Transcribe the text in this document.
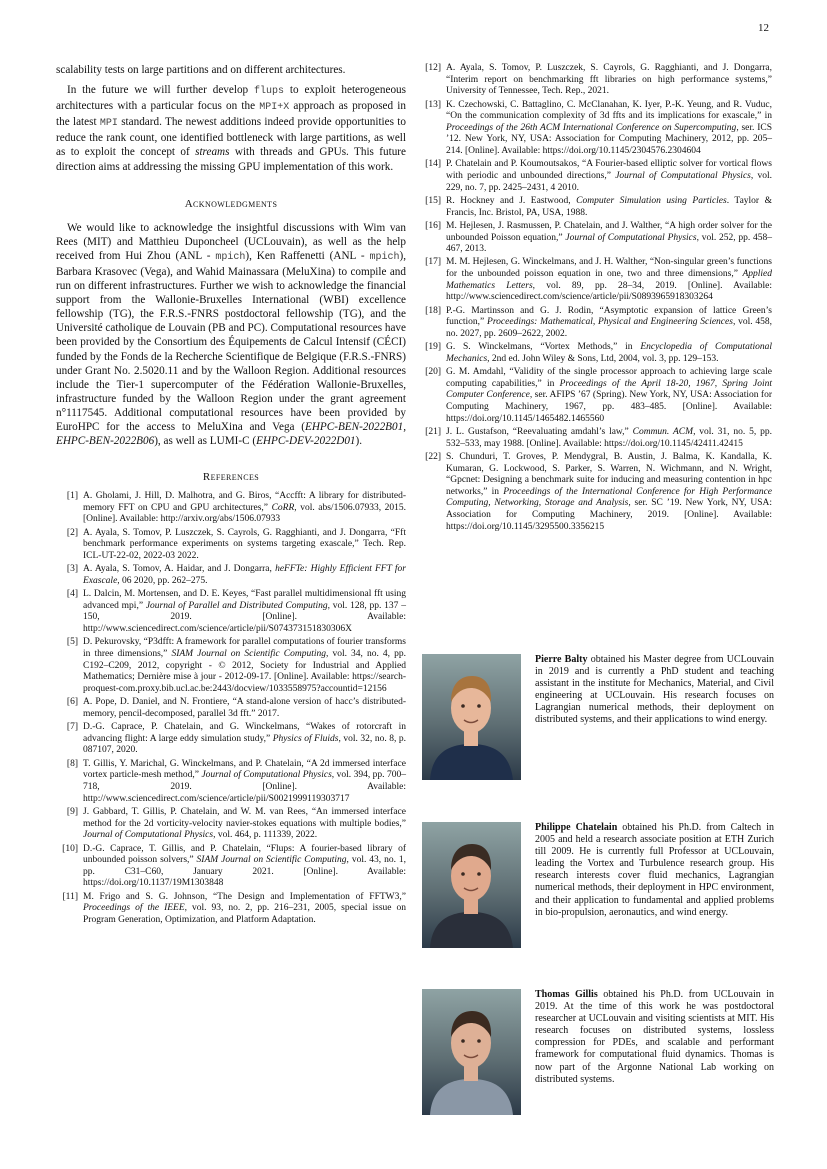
12

scalability tests on large partitions and on different architectures.

In the future we will further develop flups to exploit heterogeneous architectures with a particular focus on the MPI+X approach as proposed in the latest MPI standard. The newest additions indeed provide opportunities to reduce the rank count, one identified bottleneck with large partitions, as well as to exploit the concept of streams with threads and GPUs. This future direction aims at addressing the missing GPU implementation of this work.

Acknowledgments

We would like to acknowledge the insightful discussions with Wim van Rees (MIT) and Matthieu Duponcheel (UCLouvain), as well as the help received from Hui Zhou (ANL - mpich), Ken Raffenetti (ANL - mpich), Barbara Krasovec (Vega), and Wahid Mainassara (MeluXina) to compile and run on different infrastructures. Further we wish to acknowledge the financial support from the Wallonie-Bruxelles International (WBI) excellence fellowship (TG), the F.R.S.-FNRS postdoctoral fellowship (TG), and the Université catholique de Louvain (PB and PC). Computational resources have been provided by the Consortium des Équipements de Calcul Intensif (CÉCI) funded by the Fonds de la Recherche Scientifique de Belgique (F.R.S.-FNRS) under Grant No. 2.5020.11 and by the Walloon Region. Additional resources include the Tier-1 supercomputer of the Fédération Wallonie-Bruxelles, infrastructure funded by the Walloon Region under the grant agreement n°1117545. Additional computational resources have been provided by EuroHPC for the access to MeluXina and Vega (EHPC-BEN-2022B01, EHPC-BEN-2022B06), as well as LUMI-C (EHPC-DEV-2022D01).

References
[1] A. Gholami, J. Hill, D. Malhotra, and G. Biros, “Accfft: A library for distributed-memory FFT on CPU and GPU architectures,” CoRR, vol. abs/1506.07933, 2015. [Online]. Available: http://arxiv.org/abs/1506.07933
[2] A. Ayala, S. Tomov, P. Luszczek, S. Cayrols, G. Ragghianti, and J. Dongarra, “Fft benchmark performance experiments on systems targeting exascale,” Tech. Rep. ICL-UT-22-02, 2022-03 2022.
[3] A. Ayala, S. Tomov, A. Haidar, and J. Dongarra, heFFTe: Highly Efficient FFT for Exascale, 06 2020, pp. 262–275.
[4] L. Dalcin, M. Mortensen, and D. E. Keyes, “Fast parallel multidimensional fft using advanced mpi,” Journal of Parallel and Distributed Computing, vol. 128, pp. 137 – 150, 2019. [Online]. Available: http://www.sciencedirect.com/science/article/pii/S074373151830306X
[5] D. Pekurovsky, “P3dfft: A framework for parallel computations of fourier transforms in three dimensions,” SIAM Journal on Scientific Computing, vol. 34, no. 4, pp. C192–C209, 2012, copyright - © 2012, Society for Industrial and Applied Mathematics; Dernière mise à jour - 2012-09-17. [Online]. Available: https://search-proquest-com.proxy.bib.ucl.ac.be:2443/docview/1033558975?accountid=12156
[6] A. Pope, D. Daniel, and N. Frontiere, “A stand-alone version of hacc’s distributed-memory, pencil-decomposed, parallel 3d fft.” 2017.
[7] D.-G. Caprace, P. Chatelain, and G. Winckelmans, “Wakes of rotorcraft in advancing flight: A large eddy simulation study,” Physics of Fluids, vol. 32, no. 8, p. 087107, 2020.
[8] T. Gillis, Y. Marichal, G. Winckelmans, and P. Chatelain, “A 2d immersed interface vortex particle-mesh method,” Journal of Computational Physics, vol. 394, pp. 700–718, 2019. [Online]. Available: http://www.sciencedirect.com/science/article/pii/S0021999119303717
[9] J. Gabbard, T. Gillis, P. Chatelain, and W. M. van Rees, “An immersed interface method for the 2d vorticity-velocity navier-stokes equations with multiple bodies,” Journal of Computational Physics, vol. 464, p. 111339, 2022.
[10] D.-G. Caprace, T. Gillis, and P. Chatelain, “Flups: A fourier-based library of unbounded poisson solvers,” SIAM Journal on Scientific Computing, vol. 43, no. 1, pp. C31–C60, January 2021. [Online]. Available: https://doi.org/10.1137/19M1303848
[11] M. Frigo and S. G. Johnson, “The Design and Implementation of FFTW3,” Proceedings of the IEEE, vol. 93, no. 2, pp. 216–231, 2005, special issue on Program Generation, Optimization, and Platform Adaptation.
[12] A. Ayala, S. Tomov, P. Luszczek, S. Cayrols, G. Ragghianti, and J. Dongarra, “Interim report on benchmarking fft libraries on high performance systems,” University of Tennessee, Tech. Rep., 2021.
[13] K. Czechowski, C. Battaglino, C. McClanahan, K. Iyer, P.-K. Yeung, and R. Vuduc, “On the communication complexity of 3d ffts and its implications for exascale,” in Proceedings of the 26th ACM International Conference on Supercomputing, ser. ICS ’12. New York, NY, USA: Association for Computing Machinery, 2012, pp. 205–214. [Online]. Available: https://doi.org/10.1145/2304576.2304604
[14] P. Chatelain and P. Koumoutsakos, “A Fourier-based elliptic solver for vortical flows with periodic and unbounded directions,” Journal of Computational Physics, vol. 229, no. 7, pp. 2425–2431, 4 2010.
[15] R. Hockney and J. Eastwood, Computer Simulation using Particles. Taylor & Francis, Inc. Bristol, PA, USA, 1988.
[16] M. Hejlesen, J. Rasmussen, P. Chatelain, and J. Walther, “A high order solver for the unbounded Poisson equation,” Journal of Computational Physics, vol. 252, pp. 458–467, 2013.
[17] M. M. Hejlesen, G. Winckelmans, and J. H. Walther, “Non-singular green’s functions for the unbounded poisson equation in one, two and three dimensions,” Applied Mathematics Letters, vol. 89, pp. 28–34, 2019. [Online]. Available: http://www.sciencedirect.com/science/article/pii/S0893965918303264
[18] P.-G. Martinsson and G. J. Rodin, “Asymptotic expansion of lattice Green’s function,” Proceedings: Mathematical, Physical and Engineering Sciences, vol. 458, no. 2027, pp. 2609–2622, 2002.
[19] G. S. Winckelmans, “Vortex Methods,” in Encyclopedia of Computational Mechanics, 2nd ed. John Wiley & Sons, Ltd, 2004, vol. 3, pp. 129–153.
[20] G. M. Amdahl, “Validity of the single processor approach to achieving large scale computing capabilities,” in Proceedings of the April 18-20, 1967, Spring Joint Computer Conference, ser. AFIPS ’67 (Spring). New York, NY, USA: Association for Computing Machinery, 1967, pp. 483–485. [Online]. Available: https://doi.org/10.1145/1465482.1465560
[21] J. L. Gustafson, “Reevaluating amdahl’s law,” Commun. ACM, vol. 31, no. 5, pp. 532–533, may 1988. [Online]. Available: https://doi.org/10.1145/42411.42415
[22] S. Chunduri, T. Groves, P. Mendygral, B. Austin, J. Balma, K. Kandalla, K. Kumaran, G. Lockwood, S. Parker, S. Warren, N. Wichmann, and N. Wright, “Gpcnet: Designing a benchmark suite for inducing and measuring contention in hpc networks,” in Proceedings of the International Conference for High Performance Computing, Networking, Storage and Analysis, ser. SC ’19. New York, NY, USA: Association for Computing Machinery, 2019. [Online]. Available: https://doi.org/10.1145/3295500.3356215
Pierre Balty obtained his Master degree from UCLouvain in 2019 and is currently a PhD student and teaching assistant in the institute for Mechanics, Material, and Civil engineering at UCLouvain. His research focuses on Lagrangian numerical methods, their deployment on distributed systems, and their applications to wind energy.
Philippe Chatelain obtained his Ph.D. from Caltech in 2005 and held a research associate position at ETH Zurich till 2009. He is currently full Professor at UCLouvain, leading the Vortex and Turbulence research group. His research interests cover fluid mechanics, Lagrangian numerical methods, their deployment in HPC environment, and their application to fundamental and applied problems in bio-propulsion, aeronautics, and wind energy.
Thomas Gillis obtained his Ph.D. from UCLouvain in 2019. At the time of this work he was postdoctoral researcher at UCLouvain and visiting scientists at MIT. His research focuses on distributed systems, lossless compression for PDEs, and scalable and performant framework for computational fluid dynamics. Thomas is now part of the Argonne National Lab working on distributed systems.
